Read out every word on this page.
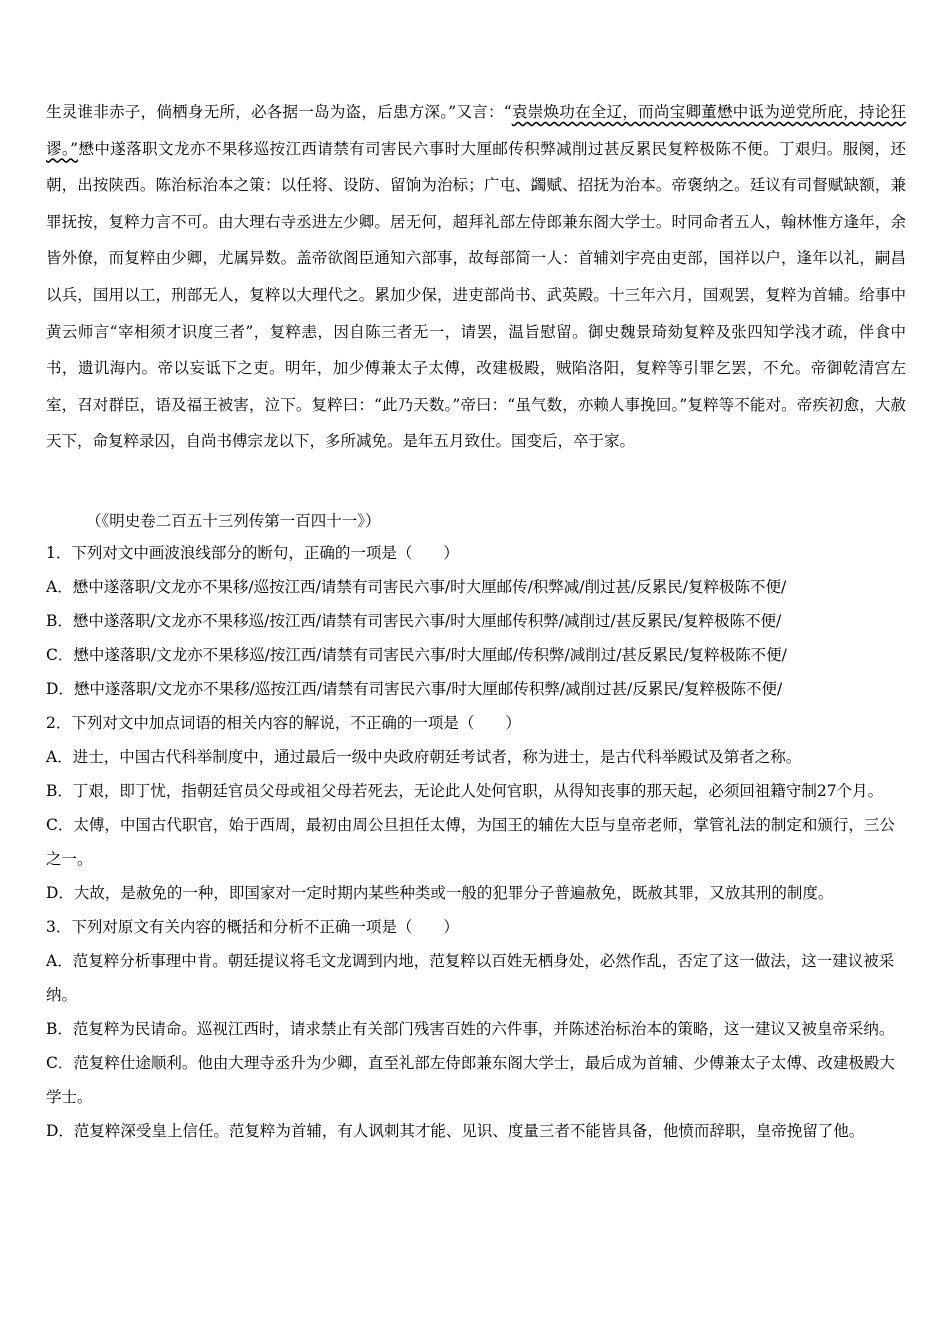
生灵谁非赤子，倘栖身无所，必各据一岛为盗，后患方深。”又言：“袁崇焕功在全辽，而尚宝卿董懋中诋为逆党所庇，持论狂谬。”懋中遂落职文龙亦不果移巡按江西请禁有司害民六事时大厘邮传积弊减削过甚反累民复粹极陈不便。丁艰归。服阕，还朝，出按陕西。陈治标治本之策：以任将、设防、留饷为治标；广屯、蠲赋、招抚为治本。帝褒纳之。廷议有司督赋缺额，兼罪抚按，复粹力言不可。由大理右寺丞进左少卿。居无何，超拜礼部左侍郎兼东阁大学士。时同命者五人，翰林惟方逢年，余皆外僚，而复粹由少卿，尤属异数。盖帝欲阁臣通知六部事，故每部简一人：首辅刘宇亮由吏部，国祥以户，逢年以礼，嗣昌以兵，国用以工，刑部无人，复粹以大理代之。累加少保，进吏部尚书、武英殿。十三年六月，国观罢，复粹为首辅。给事中黄云师言“宰相须才识度三者”，复粹恚，因自陈三者无一，请罢，温旨慰留。御史魏景琦劾复粹及张四知学浅才疏，伴食中书，遗讥海内。帝以妄诋下之吏。明年，加少傅兼太子太傅，改建极殿，贼陷洛阳，复粹等引罪乞罢，不允。帝御乾清宫左室，召对群臣，语及福王被害，泣下。复粹曰：“此乃天数。”帝曰：“虽气数，亦赖人事挽回。”复粹等不能对。帝疾初愈，大赦天下，命复粹录囚，自尚书傅宗龙以下，多所减免。是年五月致仕。国变后，卒于家。

（《明史卷二百五十三列传第一百四十一》）

1．下列对文中画波浪线部分的断句，正确的一项是（　　）

A．懋中遂落职/文龙亦不果移/巡按江西/请禁有司害民六事/时大厘邮传/积弊减/削过甚/反累民/复粹极陈不便/

B．懋中遂落职/文龙亦不果移巡/按江西/请禁有司害民六事/时大厘邮传积弊/减削过/甚反累民/复粹极陈不便/

C．懋中遂落职/文龙亦不果移巡/按江西/请禁有司害民六事/时大厘邮/传积弊/减削过/甚反累民/复粹极陈不便/

D．懋中遂落职/文龙亦不果移/巡按江西/请禁有司害民六事/时大厘邮传积弊/减削过甚/反累民/复粹极陈不便/

2．下列对文中加点词语的相关内容的解说，不正确的一项是（　　）

A．进士，中国古代科举制度中，通过最后一级中央政府朝廷考试者，称为进士，是古代科举殿试及第者之称。

B．丁艰，即丁忧，指朝廷官员父母或祖父母若死去，无论此人处何官职，从得知丧事的那天起，必须回祖籍守制27个月。

C．太傅，中国古代职官，始于西周，最初由周公旦担任太傅，为国王的辅佐大臣与皇帝老师，掌管礼法的制定和颁行，三公之一。

D．大故，是赦免的一种，即国家对一定时期内某些种类或一般的犯罪分子普遍赦免，既赦其罪，又放其刑的制度。

3．下列对原文有关内容的概括和分析不正确一项是（　　）

A．范复粹分析事理中肯。朝廷提议将毛文龙调到内地，范复粹以百姓无栖身处，必然作乱，否定了这一做法，这一建议被采纳。

B．范复粹为民请命。巡视江西时，请求禁止有关部门残害百姓的六件事，并陈述治标治本的策略，这一建议又被皇帝采纳。

C．范复粹仕途顺利。他由大理寺丞升为少卿，直至礼部左侍郎兼东阁大学士，最后成为首辅、少傅兼太子太傅、改建极殿大学士。

D．范复粹深受皇上信任。范复粹为首辅，有人讽刺其才能、见识、度量三者不能皆具备，他愤而辞职，皇帝挽留了他。
